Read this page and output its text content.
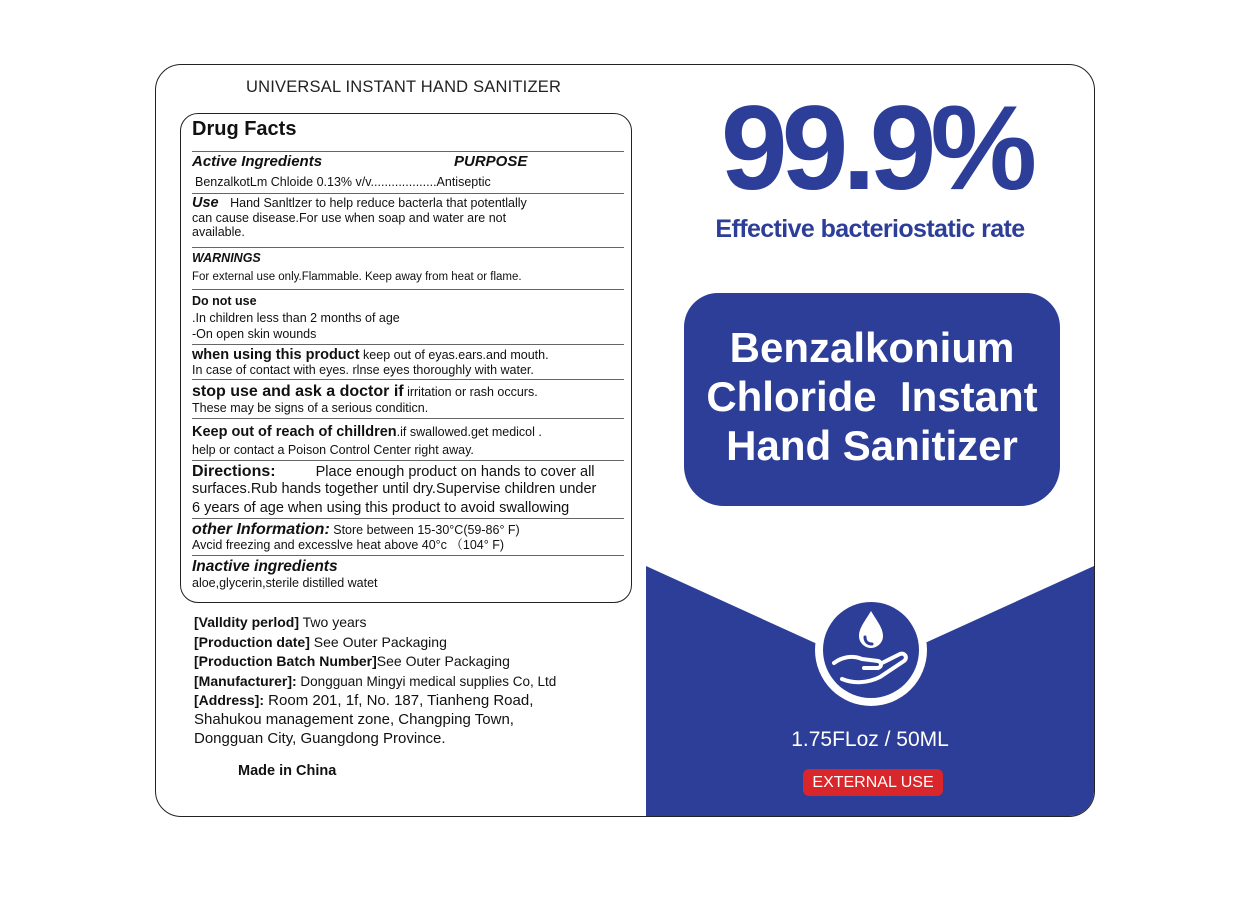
UNIVERSAL INSTANT HAND SANITIZER
Drug Facts
Active Ingredients	PURPOSE
BenzalkotLm Chloide 0.13% v/v...................Antiseptic
Use Hand Sanltlzer to help reduce bacterla that potentlally
can cause disease.For use when soap and water are not
available.
WARNINGS
For external use only.Flammable. Keep away from heat or flame.
Do not use
.In children less than 2 months of age
-On open skin wounds
when using this product keep out of eyas.ears.and mouth.
In case of contact with eyes. rlnse eyes thoroughly with water.
stop use and ask a doctor if irritation or rash occurs.
These may be signs of a serious conditicn.
Keep out of reach of chilldren.if swallowed.get medicol .
help or contact a Poison Control Center right away.
Directions:	Place enough product on hands to cover all
surfaces.Rub hands together until dry.Supervise children under
6 years of age when using this product to avoid swallowing
other Information: Store between 15-30°C(59-86° F)
Avcid freezing and excesslve heat above 40°c （104° F)
Inactive ingredients
aloe,glycerin,sterile distilled watet
[Valldity perlod] Two years
[Production date] See Outer Packaging
[Production Batch Number]See Outer Packaging
[Manufacturer]: Dongguan Mingyi medical supplies Co, Ltd
[Address]: Room 201, 1f, No. 187, Tianheng Road,
Shahukou management zone, Changping Town,
Dongguan City, Guangdong Province.
Made in China
99.9%
Effective bacteriostatic rate
Benzalkonium
Chloride  Instant
Hand Sanitizer
1.75FLoz / 50ML
EXTERNAL USE
